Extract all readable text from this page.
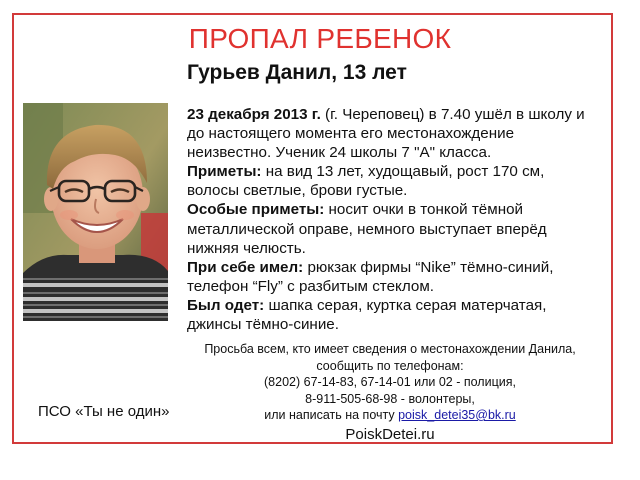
ПРОПАЛ РЕБЕНОК
Гурьев Данил, 13 лет

23 декабря 2013 г. (г. Череповец) в 7.40 ушёл в школу и

до настоящего момента его местонахождение

неизвестно. Ученик 24 школы 7 "А" класса.

Приметы: на вид 13 лет, худощавый, рост 170 см,

волосы светлые, брови густые.

Особые приметы: носит очки в тонкой тёмной

металлической оправе, немного выступает вперёд

нижняя челюсть.

При себе имел: рюкзак фирмы “Nike” тёмно-синий,

телефон “Fly” с разбитым стеклом.

Был одет: шапка серая, куртка серая матерчатая,

джинсы тёмно-синие.

Просьба всем, кто имеет сведения о местонахождении Данила,
сообщить по телефонам:
(8202) 67-14-83, 67-14-01 или 02 - полиция,
8-911-505-68-98 - волонтеры,
или написать на почту poisk_detei35@bk.ru
PoiskDetei.ru
ПСО «Ты не один»
